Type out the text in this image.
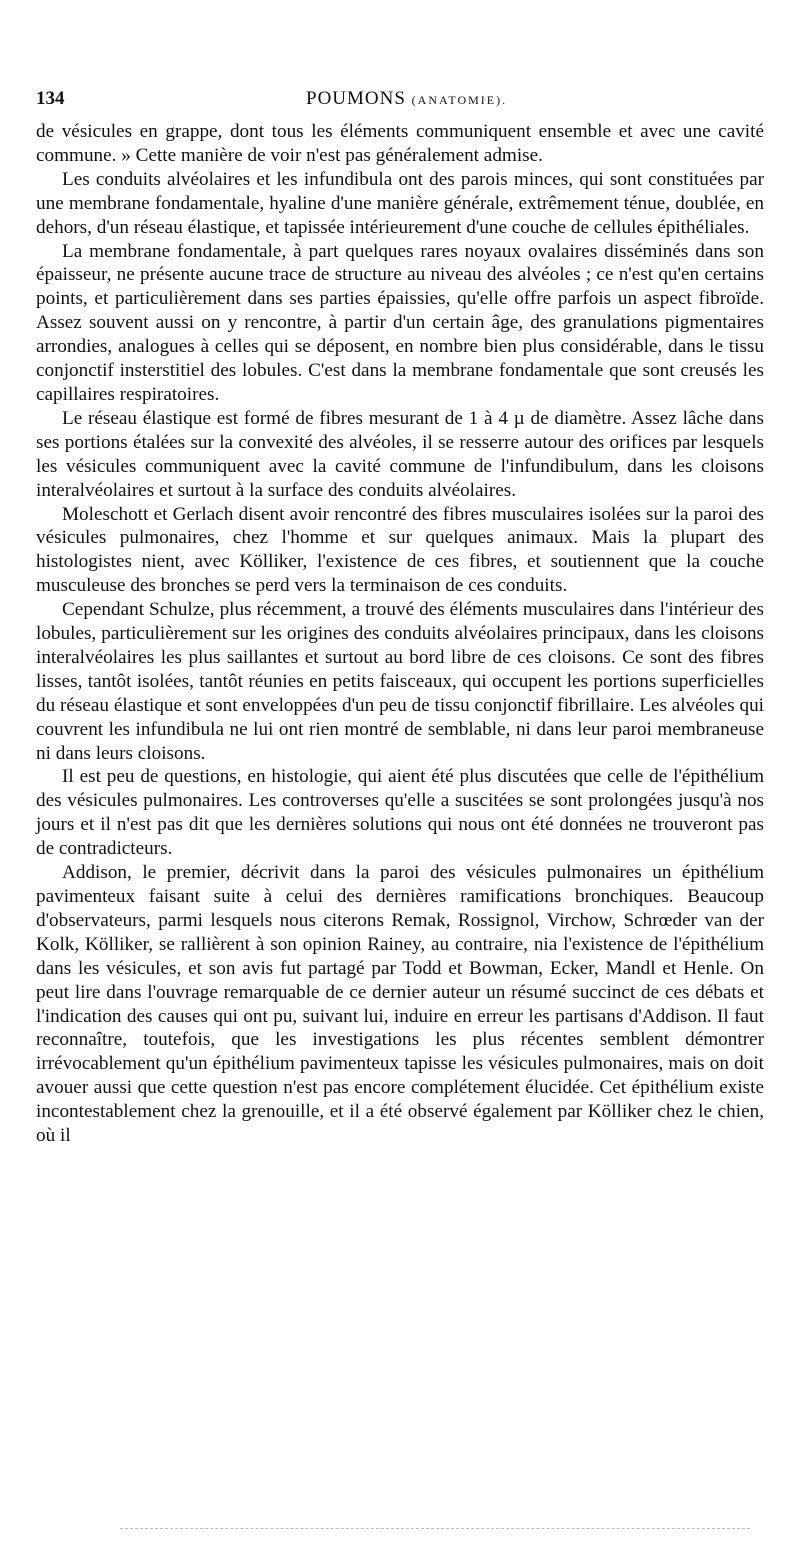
134	POUMONS (ANATOMIE).

de vésicules en grappe, dont tous les éléments communiquent ensemble et avec une cavité commune. » Cette manière de voir n'est pas généralement admise.

Les conduits alvéolaires et les infundibula ont des parois minces, qui sont constituées par une membrane fondamentale, hyaline d'une manière générale, extrêmement ténue, doublée, en dehors, d'un réseau élastique, et tapissée intérieurement d'une couche de cellules épithéliales.

La membrane fondamentale, à part quelques rares noyaux ovalaires disséminés dans son épaisseur, ne présente aucune trace de structure au niveau des alvéoles ; ce n'est qu'en certains points, et particulièrement dans ses parties épaissies, qu'elle offre parfois un aspect fibroïde. Assez souvent aussi on y rencontre, à partir d'un certain âge, des granulations pigmentaires arrondies, analogues à celles qui se déposent, en nombre bien plus considérable, dans le tissu conjonctif insterstitiel des lobules. C'est dans la membrane fondamentale que sont creusés les capillaires respiratoires.

Le réseau élastique est formé de fibres mesurant de 1 à 4 µ de diamètre. Assez lâche dans ses portions étalées sur la convexité des alvéoles, il se resserre autour des orifices par lesquels les vésicules communiquent avec la cavité commune de l'infundibulum, dans les cloisons interalvéolaires et surtout à la surface des conduits alvéolaires.

Moleschott et Gerlach disent avoir rencontré des fibres musculaires isolées sur la paroi des vésicules pulmonaires, chez l'homme et sur quelques animaux. Mais la plupart des histologistes nient, avec Kölliker, l'existence de ces fibres, et soutiennent que la couche musculeuse des bronches se perd vers la terminaison de ces conduits.

Cependant Schulze, plus récemment, a trouvé des éléments musculaires dans l'intérieur des lobules, particulièrement sur les origines des conduits alvéolaires principaux, dans les cloisons interalvéolaires les plus saillantes et surtout au bord libre de ces cloisons. Ce sont des fibres lisses, tantôt isolées, tantôt réunies en petits faisceaux, qui occupent les portions superficielles du réseau élastique et sont enveloppées d'un peu de tissu conjonctif fibrillaire. Les alvéoles qui couvrent les infundibula ne lui ont rien montré de semblable, ni dans leur paroi membraneuse ni dans leurs cloisons.

Il est peu de questions, en histologie, qui aient été plus discutées que celle de l'épithélium des vésicules pulmonaires. Les controverses qu'elle a suscitées se sont prolongées jusqu'à nos jours et il n'est pas dit que les dernières solutions qui nous ont été données ne trouveront pas de contradicteurs.

Addison, le premier, décrivit dans la paroi des vésicules pulmonaires un épithélium pavimenteux faisant suite à celui des dernières ramifications bronchiques. Beaucoup d'observateurs, parmi lesquels nous citerons Remak, Rossignol, Virchow, Schrœder van der Kolk, Kölliker, se rallièrent à son opinion Rainey, au contraire, nia l'existence de l'épithélium dans les vésicules, et son avis fut partagé par Todd et Bowman, Ecker, Mandl et Henle. On peut lire dans l'ouvrage remarquable de ce dernier auteur un résumé succinct de ces débats et l'indication des causes qui ont pu, suivant lui, induire en erreur les partisans d'Addison. Il faut reconnaître, toutefois, que les investigations les plus récentes semblent démontrer irrévocablement qu'un épithélium pavimenteux tapisse les vésicules pulmonaires, mais on doit avouer aussi que cette question n'est pas encore complétement élucidée. Cet épithélium existe incontestablement chez la grenouille, et il a été observé également par Kölliker chez le chien, où il
